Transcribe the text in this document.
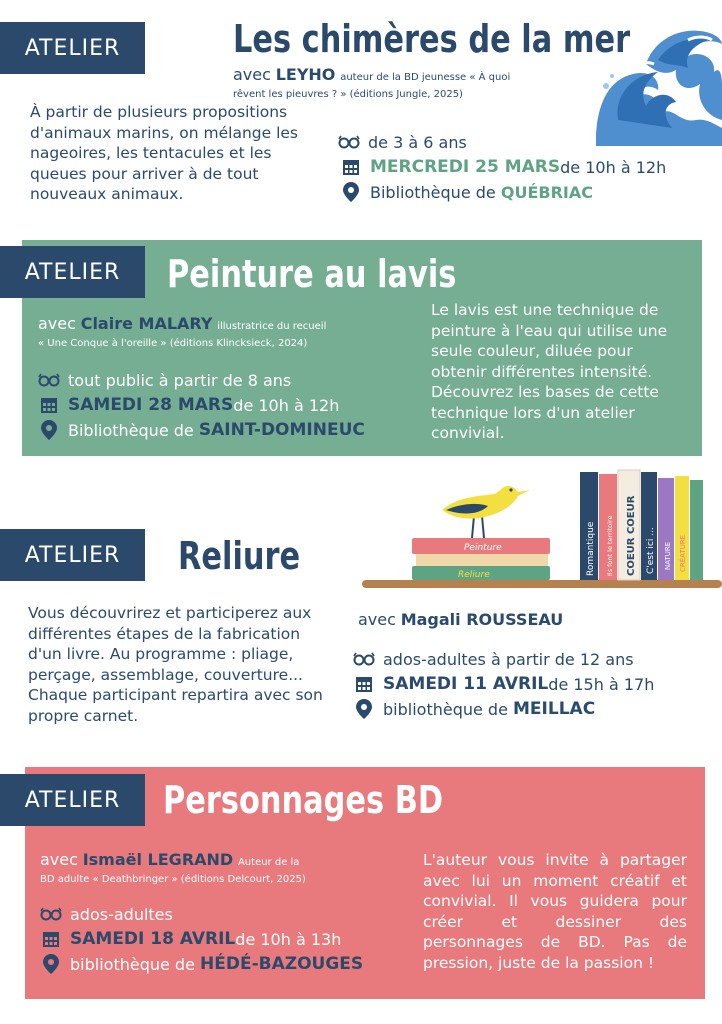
ATELIER	Les chimères de la mer
avec LEYHO auteur de la BD jeunesse « À quoi rêvent les pieuvres ? » (éditions Jungle, 2025)
À partir de plusieurs propositions d'animaux marins, on mélange les nageoires, les tentacules et les queues pour arriver à de tout nouveaux animaux.
de 3 à 6 ans
MERCREDI 25 MARS de 10h à 12h
Bibliothèque de
QUÉBRIAC
ATELIER	Peinture au lavis
avec Claire MALARY illustratrice du recueil
« Une Conque à l'oreille » (éditions Klincksieck, 2024)
tout public à partir de 8 ans
SAMEDI 28 MARS de 10h à 12h
Bibliothèque de
SAINT-DOMINEUC
Le lavis est une technique de peinture à l'eau qui utilise une seule couleur, diluée pour obtenir différentes intensité. Découvrez les bases de cette technique lors d'un atelier convivial.
ATELIER	Reliure	Peinture
Reliure	Romantique Ils font le territoire COEUR COEUR C'est ici ... NATURE CRÉATURE
Vous découvrirez et participerez aux différentes étapes de la fabrication d'un livre. Au programme : pliage, perçage, assemblage, couverture... Chaque participant repartira avec son propre carnet.
avec Magali ROUSSEAU
ados-adultes à partir de 12 ans
SAMEDI 11 AVRIL de 15h à 17h
bibliothèque de
MEILLAC
ATELIER	Personnages BD
avec Ismaël LEGRAND Auteur de la
BD adulte « Deathbringer » (éditions Delcourt, 2025)
ados-adultes
SAMEDI 18 AVRIL de 10h à 13h
bibliothèque de
HÉDÉ-BAZOUGES
L'auteur vous invite à partager avec lui un moment créatif et convivial. Il vous guidera pour créer et dessiner des personnages de BD. Pas de pression, juste de la passion !
